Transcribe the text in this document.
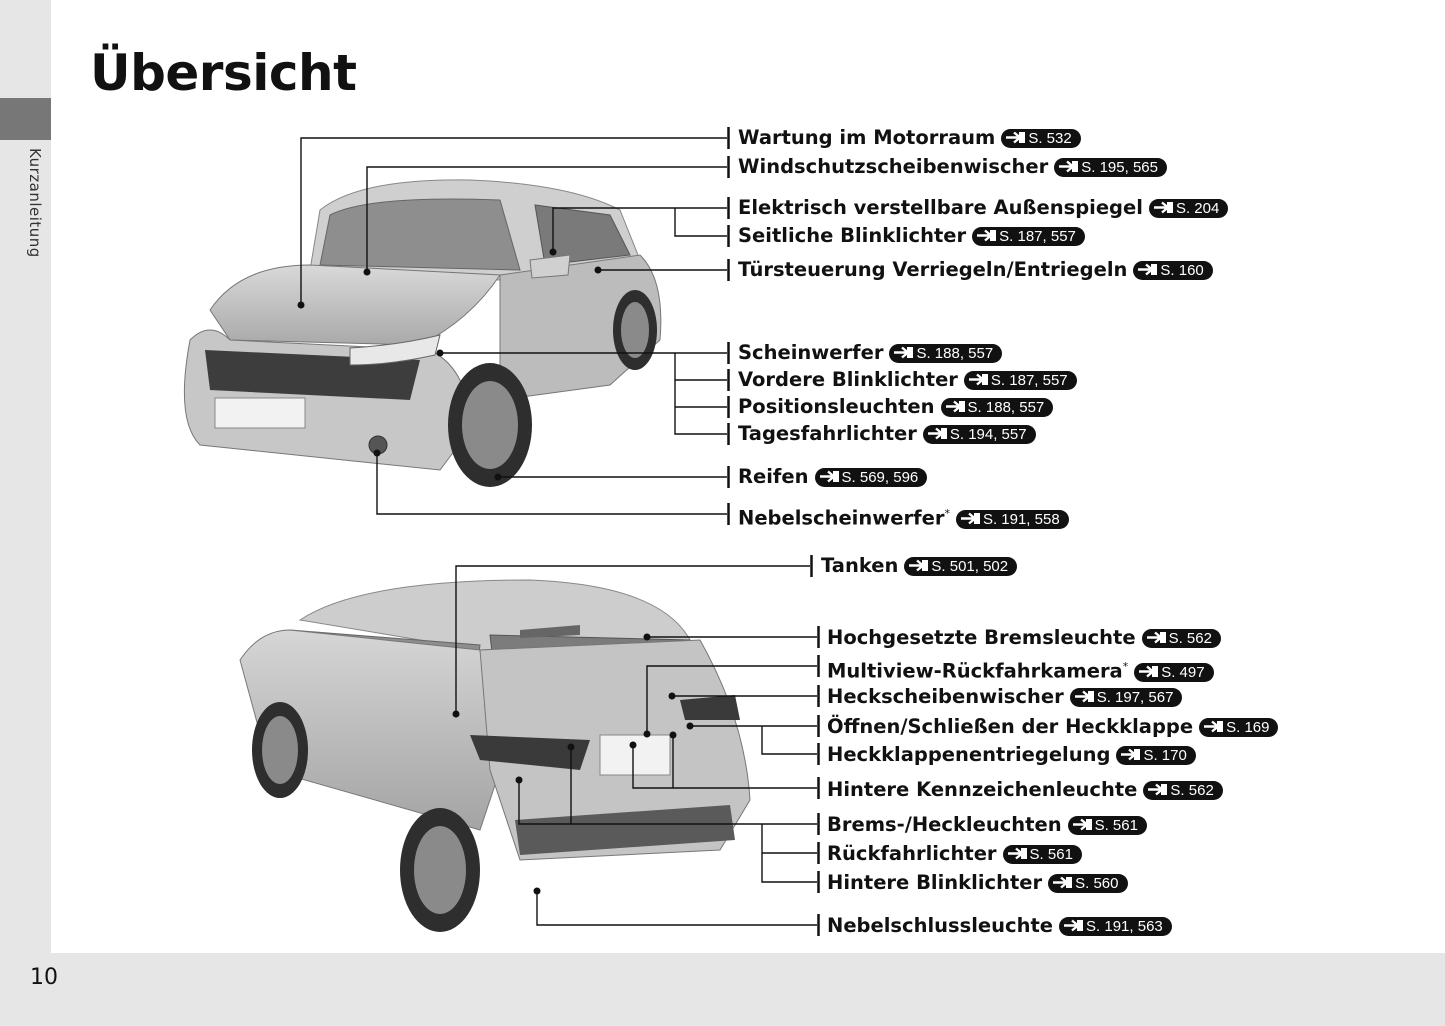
Kurzanleitung
10
Übersicht
Wartung im Motorraum S. 532
Windschutzscheibenwischer S. 195, 565
Elektrisch verstellbare Außenspiegel S. 204
Seitliche Blinklichter S. 187, 557
Türsteuerung Verriegeln/Entriegeln S. 160
Scheinwerfer S. 188, 557
Vordere Blinklichter S. 187, 557
Positionsleuchten S. 188, 557
Tagesfahrlichter S. 194, 557
Reifen S. 569, 596
Nebelscheinwerfer* S. 191, 558
Tanken S. 501, 502
Hochgesetzte Bremsleuchte S. 562
Multiview-Rückfahrkamera* S. 497
Heckscheibenwischer S. 197, 567
Öffnen/Schließen der Heckklappe S. 169
Heckklappenentriegelung S. 170
Hintere Kennzeichenleuchte S. 562
Brems-/Heckleuchten S. 561
Rückfahrlichter S. 561
Hintere Blinklichter S. 560
Nebelschlussleuchte S. 191, 563
